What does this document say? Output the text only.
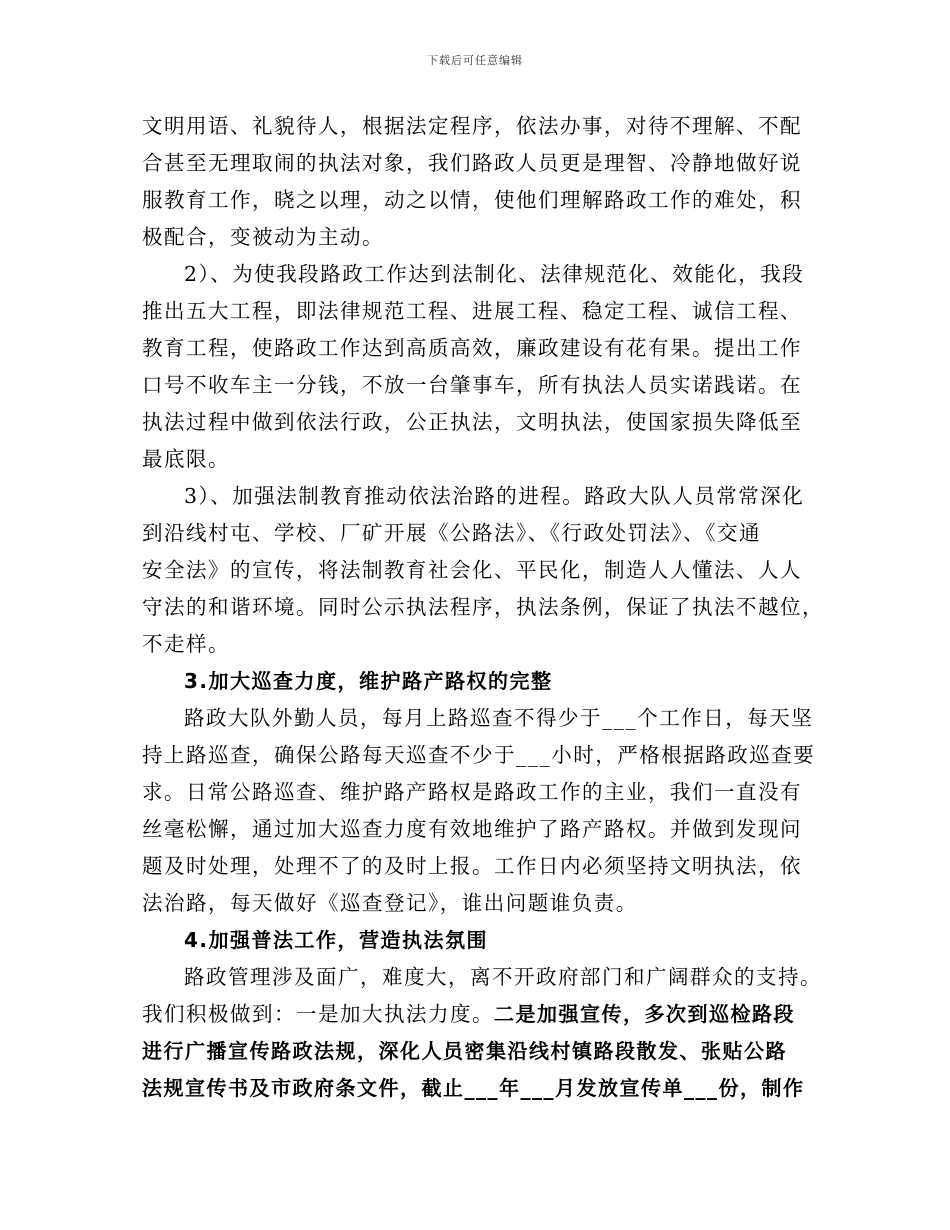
下载后可任意编辑
文明用语、礼貌待人，根据法定程序，依法办事，对待不理解、不配
合甚至无理取闹的执法对象，我们路政人员更是理智、冷静地做好说
服教育工作，晓之以理，动之以情，使他们理解路政工作的难处，积
极配合，变被动为主动。
2）、为使我段路政工作达到法制化、法律规范化、效能化，我段
推出五大工程，即法律规范工程、进展工程、稳定工程、诚信工程、
教育工程，使路政工作达到高质高效，廉政建设有花有果。提出工作
口号不收车主一分钱，不放一台肇事车，所有执法人员实诺践诺。在
执法过程中做到依法行政，公正执法，文明执法，使国家损失降低至
最底限。
3）、加强法制教育推动依法治路的进程。路政大队人员常常深化
到沿线村屯、学校、厂矿开展《公路法》、《行政处罚法》、《交通
安全法》的宣传，将法制教育社会化、平民化，制造人人懂法、人人
守法的和谐环境。同时公示执法程序，执法条例，保证了执法不越位，
不走样。
3.加大巡查力度，维护路产路权的完整
路政大队外勤人员，每月上路巡查不得少于___个工作日，每天坚
持上路巡查，确保公路每天巡查不少于___小时，严格根据路政巡查要
求。日常公路巡查、维护路产路权是路政工作的主业，我们一直没有
丝毫松懈，通过加大巡查力度有效地维护了路产路权。并做到发现问
题及时处理，处理不了的及时上报。工作日内必须坚持文明执法，依
法治路，每天做好《巡查登记》，谁出问题谁负责。
4.加强普法工作，营造执法氛围
路政管理涉及面广，难度大，离不开政府部门和广阔群众的支持。
我们积极做到：一是加大执法力度。二是加强宣传，多次到巡检路段
进行广播宣传路政法规，深化人员密集沿线村镇路段散发、张贴公路
法规宣传书及市政府条文件，截止___年___月发放宣传单___份，制作
